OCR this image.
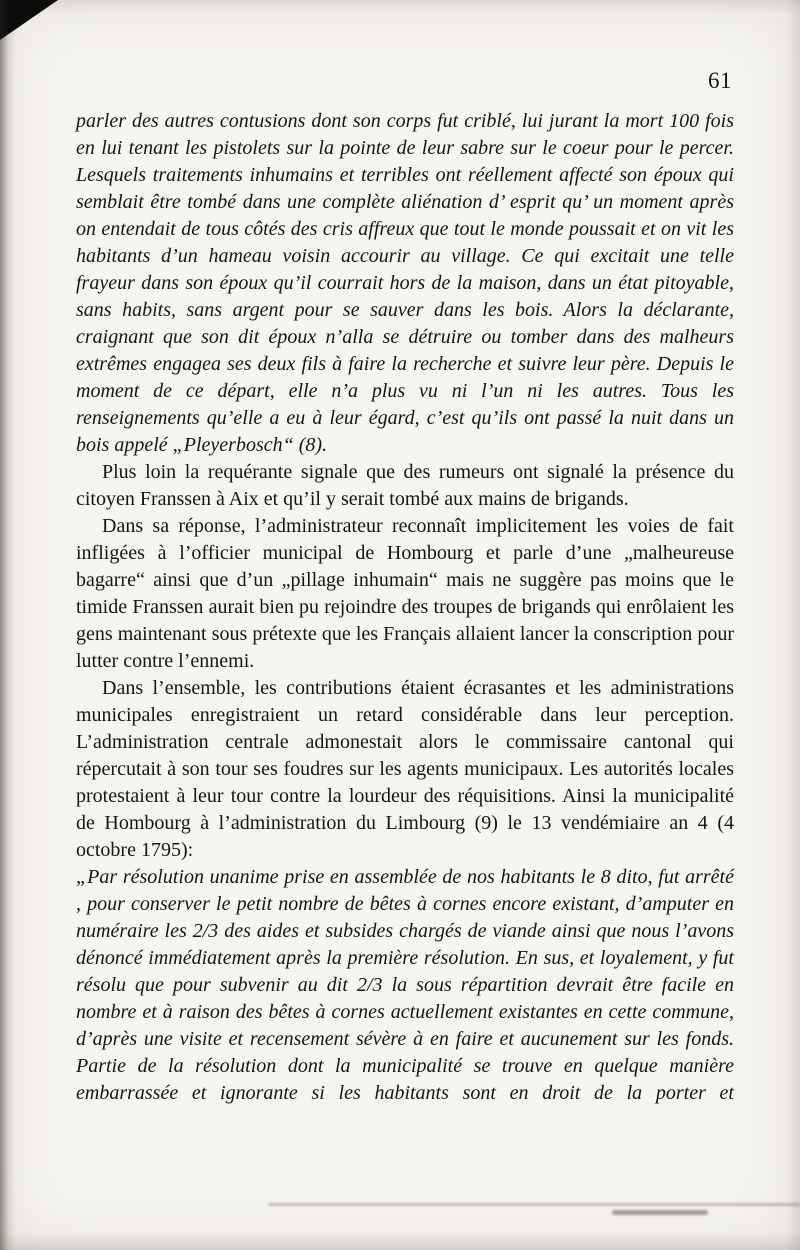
61

parler des autres contusions dont son corps fut criblé, lui jurant la mort 100 fois en lui tenant les pistolets sur la pointe de leur sabre sur le coeur pour le percer. Lesquels traitements inhumains et terribles ont réellement affecté son époux qui semblait être tombé dans une complète aliénation d’ esprit qu’ un moment après on entendait de tous côtés des cris affreux que tout le monde poussait et on vit les habitants d’un hameau voisin accourir au village. Ce qui excitait une telle frayeur dans son époux qu’il courrait hors de la maison, dans un état pitoyable, sans habits, sans argent pour se sauver dans les bois. Alors la déclarante, craignant que son dit époux n’alla se détruire ou tomber dans des malheurs extrêmes engagea ses deux fils à faire la recherche et suivre leur père. Depuis le moment de ce départ, elle n’a plus vu ni l’un ni les autres. Tous les renseignements qu’elle a eu à leur égard, c’est qu’ils ont passé la nuit dans un bois appelé „Pleyerbosch“ (8).

Plus loin la requérante signale que des rumeurs ont signalé la présence du citoyen Franssen à Aix et qu’il y serait tombé aux mains de brigands.

Dans sa réponse, l’administrateur reconnaît implicitement les voies de fait infligées à l’officier municipal de Hombourg et parle d’une „malheureuse bagarre“ ainsi que d’un „pillage inhumain“ mais ne suggère pas moins que le timide Franssen aurait bien pu rejoindre des troupes de brigands qui enrôlaient les gens maintenant sous prétexte que les Français allaient lancer la conscription pour lutter contre l’ennemi.

Dans l’ensemble, les contributions étaient écrasantes et les administrations municipales enregistraient un retard considérable dans leur perception. L’administration centrale admonestait alors le commissaire cantonal qui répercutait à son tour ses foudres sur les agents municipaux. Les autorités locales protestaient à leur tour contre la lourdeur des réquisitions. Ainsi la municipalité de Hombourg à l’administration du Limbourg (9) le 13 vendémiaire an 4 (4 octobre 1795):

„Par résolution unanime prise en assemblée de nos habitants le 8 dito, fut arrêté , pour conserver le petit nombre de bêtes à cornes encore existant, d’amputer en numéraire les 2/3 des aides et subsides chargés de viande ainsi que nous l’avons dénoncé immédiatement après la première résolution. En sus, et loyalement, y fut résolu que pour subvenir au dit 2/3 la sous répartition devrait être facile en nombre et à raison des bêtes à cornes actuellement existantes en cette commune, d’après une visite et recensement sévère à en faire et aucunement sur les fonds. Partie de la résolution dont la municipalité se trouve en quelque manière embarrassée et ignorante si les habitants sont en droit de la porter et
